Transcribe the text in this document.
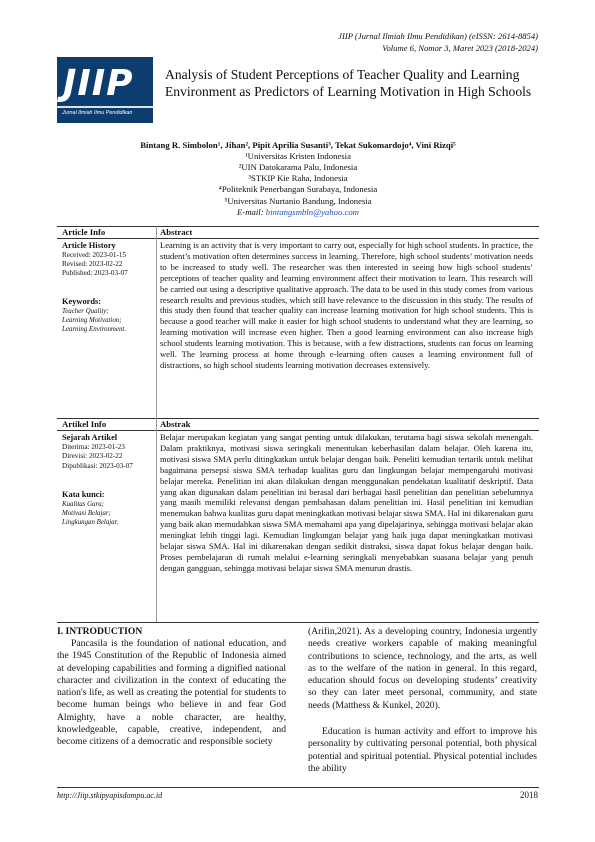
JIIP (Jurnal Ilmiah Ilmu Pendidikan) (eISSN: 2614-8854)
Volume 6, Nomor 3, Maret 2023 (2018-2024)
JIIP
Jurnal Ilmiah Ilmu Pendidikan
Analysis of Student Perceptions of Teacher Quality and Learning Environment as Predictors of Learning Motivation in High Schools
Bintang R. Simbolon¹, Jihan², Pipit Aprilia Susanti³, Tekat Sukomardojo⁴, Vini Rizqi⁵
¹Universitas Kristen Indonesia
²UIN Datokarama Palu, Indonesia
³STKIP Kie Raha, Indonesia
⁴Politeknik Penerbangan Surabaya, Indonesia
⁵Universitas Nurtanio Bandung, Indonesia
E-mail: bintangsmbln@yahoo.com
Article Info	Abstract
Article History
Received: 2023-01-15
Revised: 2023-02-22
Published: 2023-03-07
Keywords:
Teacher Quality;
Learning Motivation;
Learning Environment.
Learning is an activity that is very important to carry out, especially for high school students. In practice, the student’s motivation often determines success in learning. Therefore, high school students’ motivation needs to be increased to study well. The researcher was then interested in seeing how high school students’ perceptions of teacher quality and learning environment affect their motivation to learn. This research will be carried out using a descriptive qualitative approach. The data to be used in this study comes from various research results and previous studies, which still have relevance to the discussion in this study. The results of this study then found that teacher quality can increase learning motivation for high school students. This is because a good teacher will make it easier for high school students to understand what they are learning, so learning motivation will increase even higher. Then a good learning environment can also increase high school students learning motivation. This is because, with a few distractions, students can focus on learning well. The learning process at home through e-learning often causes a learning environment full of distractions, so high school students learning motivation decreases extensively.
Artikel Info	Abstrak
Sejarah Artikel
Diterima: 2023-01-23
Direvisi: 2023-02-22
Dipublikasi: 2023-03-07
Kata kunci:
Kualitas Guru;
Motivasi Belajar;
Lingkungan Belajar.
Belajar merupakan kegiatan yang sangat penting untuk dilakukan, terutama bagi siswa sekolah menengah. Dalam praktiknya, motivasi siswa seringkali menentukan keberhasilan dalam belajar. Oleh karena itu, motivasi siswa SMA perlu ditingkatkan untuk belajar dengan baik. Peneliti kemudian tertarik untuk melihat bagaimana persepsi siswa SMA terhadap kualitas guru dan lingkungan belajar mempengaruhi motivasi belajar mereka. Penelitian ini akan dilakukan dengan menggunakan pendekatan kualitatif deskriptif. Data yang akan digunakan dalam penelitian ini berasal dari berbagai hasil penelitian dan penelitian sebelumnya yang masih memiliki relevansi dengan pembahasan dalam penelitian ini. Hasil penelitian ini kemudian menemukan bahwa kualitas guru dapat meningkatkan motivasi belajar siswa SMA. Hal ini dikarenakan guru yang baik akan memudahkan siswa SMA memahami apa yang dipelajarinya, sehingga motivasi belajar akan meningkat lebih tinggi lagi. Kemudian lingkungan belajar yang baik juga dapat meningkatkan motivasi belajar siswa SMA. Hal ini dikarenakan dengan sedikit distraksi, siswa dapat fokus belajar dengan baik. Proses pembelajaran di rumah melalui e-learning seringkali menyebabkan suasana belajar yang penuh dengan gangguan, sehingga motivasi belajar siswa SMA menurun drastis.
I. INTRODUCTION
Pancasila is the foundation of national education, and the 1945 Constitution of the Republic of Indonesia aimed at developing capabilities and forming a dignified national character and civilization in the context of educating the nation's life, as well as creating the potential for students to become human beings who believe in and fear God Almighty, have a noble character, are healthy, knowledgeable, capable, creative, independent, and become citizens of a democratic and responsible society
(Arifin,2021). As a developing country, Indonesia urgently needs creative workers capable of making meaningful contributions to science, technology, and the arts, as well as to the welfare of the nation in general. In this regard, education should focus on developing students’ creativity so they can later meet personal, community, and state needs (Matthess & Kunkel, 2020).
Education is human activity and effort to improve his personality by cultivating personal potential, both physical potential and spiritual potential. Physical potential includes the ability
http://Jiip.stkipyapisdompu.ac.id	2018
